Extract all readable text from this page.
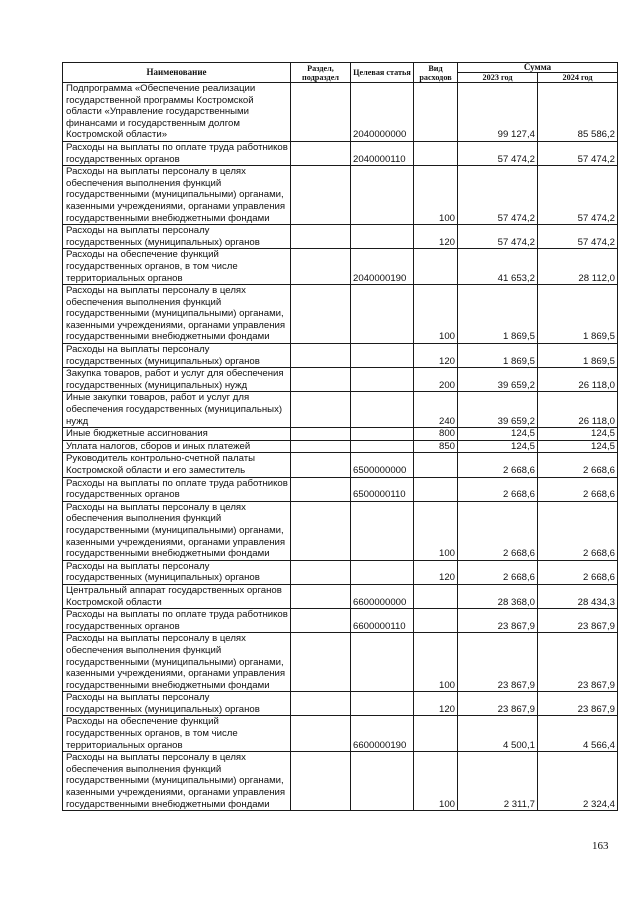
Наименование	Раздел, подраздел	Целевая статья	Вид расходов	Сумма	
				2023 год	2024 год
Подпрограмма «Обеспечение реализации государственной программы Костромской области «Управление государственными финансами и государственным долгом Костромской области»		2040000000		99 127,4	85 586,2
Расходы на выплаты по оплате труда работников государственных органов		2040000110		57 474,2	57 474,2
Расходы на выплаты персоналу в целях обеспечения выполнения функций государственными (муниципальными) органами, казенными учреждениями, органами управления государственными внебюджетными фондами			100	57 474,2	57 474,2
Расходы на выплаты персоналу государственных (муниципальных) органов			120	57 474,2	57 474,2
Расходы на обеспечение функций государственных органов, в том числе территориальных органов		2040000190		41 653,2	28 112,0
Расходы на выплаты персоналу в целях обеспечения выполнения функций государственными (муниципальными) органами, казенными учреждениями, органами управления государственными внебюджетными фондами			100	1 869,5	1 869,5
Расходы на выплаты персоналу государственных (муниципальных) органов			120	1 869,5	1 869,5
Закупка товаров, работ и услуг для обеспечения государственных (муниципальных) нужд			200	39 659,2	26 118,0
Иные закупки товаров, работ и услуг для обеспечения государственных (муниципальных) нужд			240	39 659,2	26 118,0
Иные бюджетные ассигнования			800	124,5	124,5
Уплата налогов, сборов и иных платежей			850	124,5	124,5
Руководитель контрольно-счетной палаты Костромской области и его заместитель		6500000000		2 668,6	2 668,6
Расходы на выплаты по оплате труда работников государственных органов		6500000110		2 668,6	2 668,6
Расходы на выплаты персоналу в целях обеспечения выполнения функций государственными (муниципальными) органами, казенными учреждениями, органами управления государственными внебюджетными фондами			100	2 668,6	2 668,6
Расходы на выплаты персоналу государственных (муниципальных) органов			120	2 668,6	2 668,6
Центральный аппарат государственных органов Костромской области		6600000000		28 368,0	28 434,3
Расходы на выплаты по оплате труда работников государственных органов		6600000110		23 867,9	23 867,9
Расходы на выплаты персоналу в целях обеспечения выполнения функций государственными (муниципальными) органами, казенными учреждениями, органами управления государственными внебюджетными фондами			100	23 867,9	23 867,9
Расходы на выплаты персоналу государственных (муниципальных) органов			120	23 867,9	23 867,9
Расходы на обеспечение функций государственных органов, в том числе территориальных органов		6600000190		4 500,1	4 566,4
Расходы на выплаты персоналу в целях обеспечения выполнения функций государственными (муниципальными) органами, казенными учреждениями, органами управления государственными внебюджетными фондами			100	2 311,7	2 324,4
163
